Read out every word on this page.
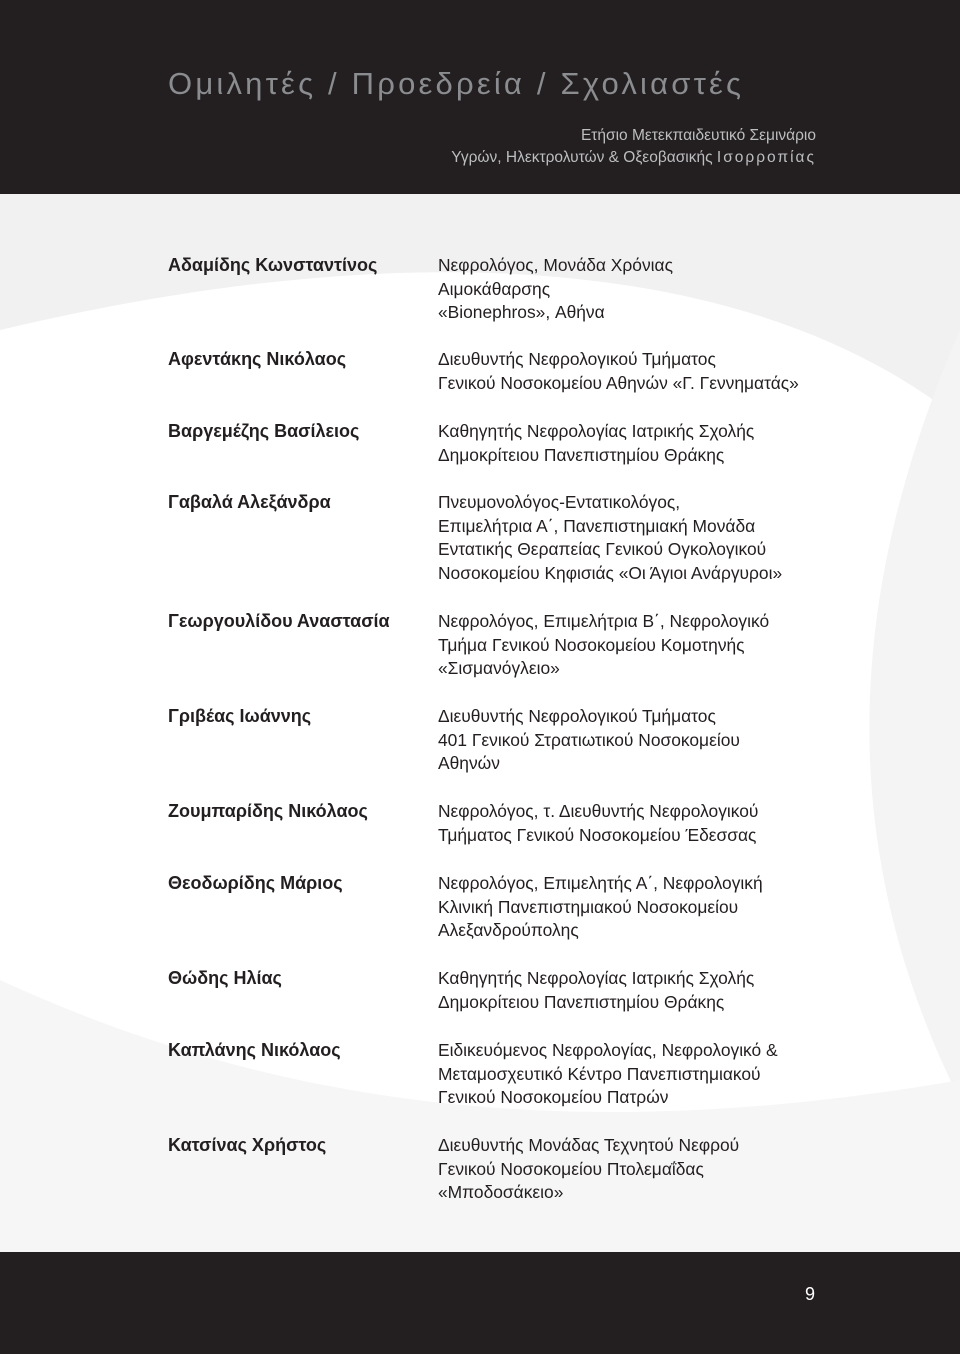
Ομιλητές / Προεδρεία / Σχολιαστές
Ετήσιο Μετεκπαιδευτικό Σεμινάριο
Υγρών, Ηλεκτρολυτών & Οξεοβασικής Ισορροπίας
Αδαμίδης Κωνσταντίνος	Νεφρολόγος, Μονάδα Χρόνιας
Αιμοκάθαρσης
«Bionephros», Αθήνα
Αφεντάκης Νικόλαος	Διευθυντής Νεφρολογικού Τμήματος
Γενικού Νοσοκομείου Αθηνών «Γ. Γεννηματάς»
Βαργεμέζης Βασίλειος	Καθηγητής Νεφρολογίας Ιατρικής Σχολής
Δημοκρίτειου Πανεπιστημίου Θράκης
Γαβαλά Αλεξάνδρα	Πνευμονολόγος-Εντατικολόγος,
Επιμελήτρια Α΄, Πανεπιστημιακή Μονάδα
Εντατικής Θεραπείας Γενικού Ογκολογικού
Νοσοκομείου Κηφισιάς «Οι Άγιοι Ανάργυροι»
Γεωργουλίδου Αναστασία	Νεφρολόγος, Επιμελήτρια Β΄, Νεφρολογικό
Τμήμα Γενικού Νοσοκομείου Κομοτηνής
«Σισμανόγλειο»
Γριβέας Ιωάννης	Διευθυντής Νεφρολογικού Τμήματος
401 Γενικού Στρατιωτικού Νοσοκομείου
Αθηνών
Ζουμπαρίδης Νικόλαος	Νεφρολόγος, τ. Διευθυντής Νεφρολογικού
Τμήματος Γενικού Νοσοκομείου Έδεσσας
Θεοδωρίδης Μάριος	Νεφρολόγος, Επιμελητής Α΄, Νεφρολογική
Κλινική Πανεπιστημιακού Νοσοκομείου
Αλεξανδρούπολης
Θώδης Ηλίας	Καθηγητής Νεφρολογίας Ιατρικής Σχολής
Δημοκρίτειου Πανεπιστημίου Θράκης
Καπλάνης Νικόλαος	Ειδικευόμενος Νεφρολογίας, Νεφρολογικό &
Μεταμοσχευτικό Κέντρο Πανεπιστημιακού
Γενικού Νοσοκομείου Πατρών
Κατσίνας Χρήστος	Διευθυντής Μονάδας Τεχνητού Νεφρού
Γενικού Νοσοκομείου Πτολεμαΐδας
«Μποδοσάκειο»
9
